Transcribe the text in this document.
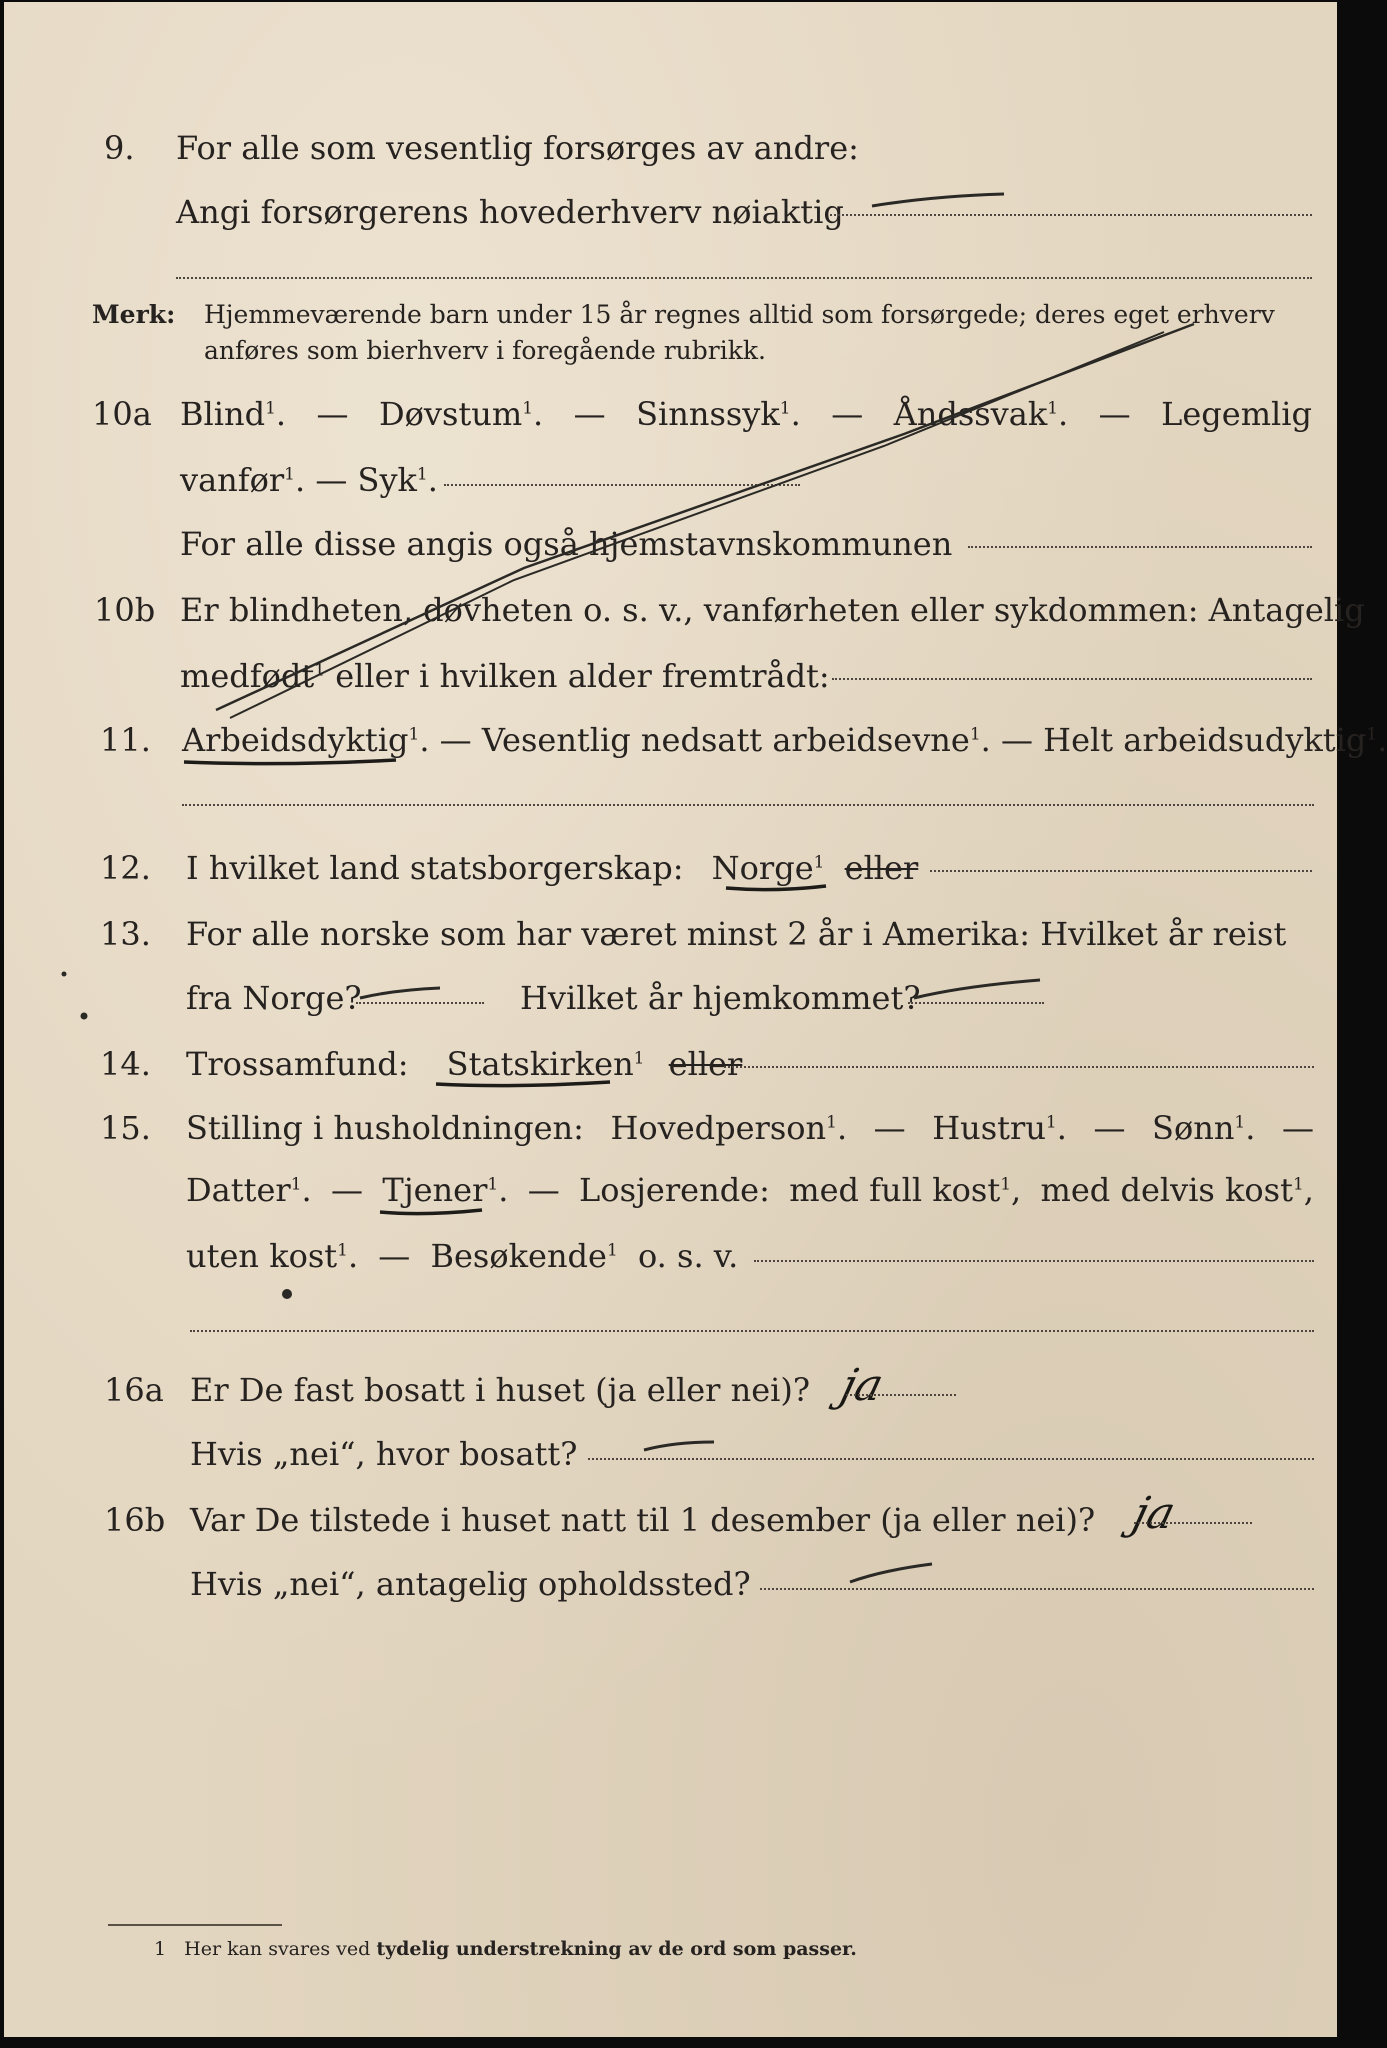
9. For alle som vesentlig forsørges av andre:
Angi forsørgerens hovederhverv nøiaktig
Merk: Hjemmeværende barn under 15 år regnes alltid som forsørgede; deres eget erhverv
anføres som bierhverv i foregående rubrikk.
10a Blind$^1$. — Døvstum$^1$. — Sinnssyk$^1$. — Åndssvak$^1$. — Legemlig
vanfør$^1$. — Syk$^1$.
For alle disse angis også hjemstavnskommunen
10b Er blindheten, døvheten o. s. v., vanførheten eller sykdommen: Antagelig
medfødt$^1$ eller i hvilken alder fremtrådt:
11. Arbeidsdyktig$^1$. — Vesentlig nedsatt arbeidsevne$^1$. — Helt arbeidsudyktig$^1$.
12. I hvilket land statsborgerskap: Norge$^1$ eller
13. For alle norske som har været minst 2 år i Amerika: Hvilket år reist
fra Norge?	Hvilket år hjemkommet?
14. Trossamfund: Statskirken$^1$ eller
15. Stilling i husholdningen: Hovedperson$^1$. — Hustru$^1$. — Sønn$^1$. —
Datter$^1$. — Tjener$^1$. — Losjerende: med full kost$^1$, med delvis kost$^1$,
uten kost$^1$. — Besøkende$^1$ o. s. v.
16a Er De fast bosatt i huset (ja eller nei)? ja
Hvis „nei“, hvor bosatt?
16b Var De tilstede i huset natt til 1 desember (ja eller nei)? ja
Hvis „nei“, antagelig opholdssted?
1 Her kan svares ved tydelig understrekning av de ord som passer.
